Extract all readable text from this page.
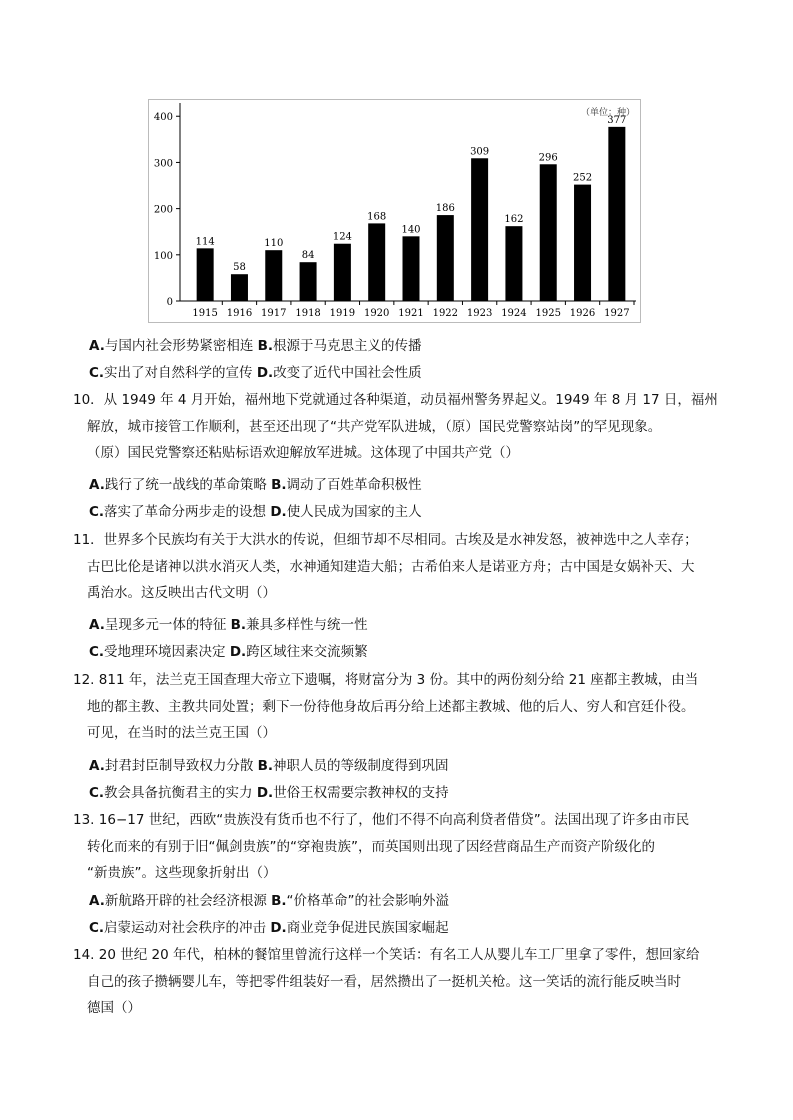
0
100
200
300
400	（单位：种）
114
1915
58
1916
110
1917
84
1918
124
1919
168
1920
140
1921
186
1922
309
1923
162
1924
296
1925
252
1926
377
1927
A.与国内社会形势紧密相连 B.根源于马克思主义的传播
C.实出了对自然科学的宣传 D.改变了近代中国社会性质
10．从 1949 年 4 月开始，福州地下党就通过各种渠道，动员福州警务界起义。1949 年 8 月 17 日，福州
解放，城市接管工作顺利，甚至还出现了“共产党军队进城，（原）国民党警察站岗”的罕见现象。
（原）国民党警察还粘贴标语欢迎解放军进城。这体现了中国共产党（）
A.践行了统一战线的革命策略 B.调动了百姓革命积极性
C.落实了革命分两步走的设想 D.使人民成为国家的主人
11．世界多个民族均有关于大洪水的传说，但细节却不尽相同。古埃及是水神发怒，被神选中之人幸存；
古巴比伦是诸神以洪水消灭人类，水神通知建造大船；古希伯来人是诺亚方舟；古中国是女娲补天、大
禹治水。这反映出古代文明（）
A.呈现多元一体的特征 B.兼具多样性与统一性
C.受地理环境因素决定 D.跨区域往来交流频繁
12. 811 年，法兰克王国查理大帝立下遗嘱，将财富分为 3 份。其中的两份刻分给 21 座都主教城，由当
地的都主教、主教共同处置；剩下一份待他身故后再分给上述都主教城、他的后人、穷人和宫廷仆役。
可见，在当时的法兰克王国（）
A.封君封臣制导致权力分散 B.神职人员的等级制度得到巩固
C.教会具备抗衡君主的实力 D.世俗王权需要宗教神权的支持
13. 16−17 世纪，西欧“贵族没有货币也不行了，他们不得不向高利贷者借贷”。法国出现了许多由市民
转化而来的有别于旧“佩剑贵族”的“穿袍贵族”，而英国则出现了因经营商品生产而资产阶级化的
“新贵族”。这些现象折射出（）
A.新航路开辟的社会经济根源 B.“价格革命”的社会影响外溢
C.启蒙运动对社会秩序的冲击 D.商业竞争促进民族国家崛起
14. 20 世纪 20 年代，柏林的餐馆里曾流行这样一个笑话：有名工人从婴儿车工厂里拿了零件，想回家给
自己的孩子攒辆婴儿车，等把零件组装好一看，居然攒出了一挺机关枪。这一笑话的流行能反映当时
德国（）
